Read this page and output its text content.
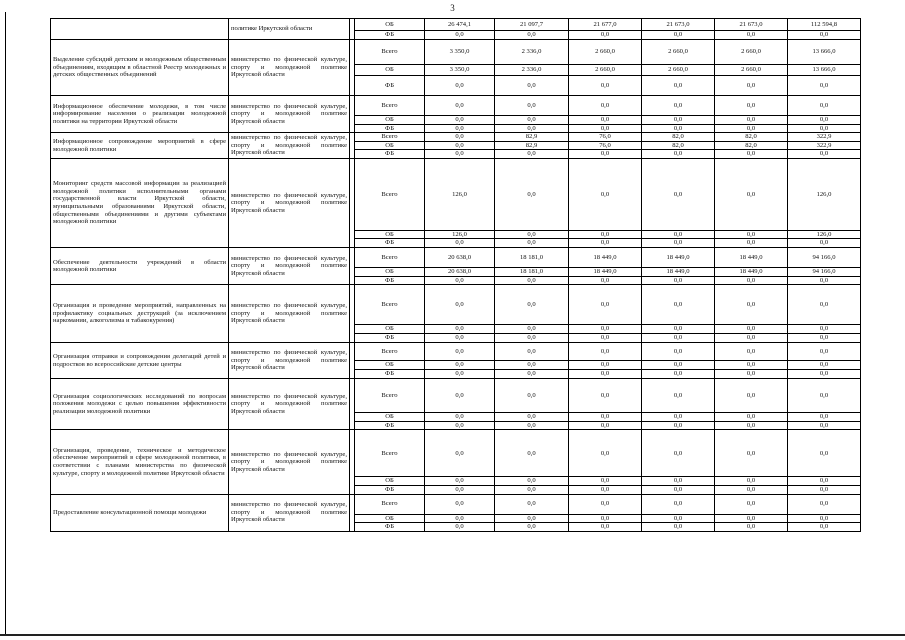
3
	политике Иркутской области		ОБ	26 474,1	21 097,7	21 677,0	21 673,0	21 673,0	112 594,8
			ФБ	0,0	0,0	0,0	0,0	0,0	0,0
Выделение субсидий детским и молодежным общественным объединениям, входящим в областной Реестр молодежных и детских общественных объединений	министерство по физической культуре, спорту и молодежной политике Иркутской области		Всего	3 350,0	2 336,0	2 660,0	2 660,0	2 660,0	13 666,0
			ОБ	3 350,0	2 336,0	2 660,0	2 660,0	2 660,0	13 666,0
			ФБ	0,0	0,0	0,0	0,0	0,0	0,0
Информационное обеспечение молодежи, в том числе информирование населения о реализации молодежной политики на территории Иркутской области	министерство по физической культуре, спорту и молодежной политике Иркутской области		Всего	0,0	0,0	0,0	0,0	0,0	0,0
			ОБ	0,0	0,0	0,0	0,0	0,0	0,0
			ФБ	0,0	0,0	0,0	0,0	0,0	0,0
Информационное сопровождение мероприятий в сфере молодежной политики	министерство по физической культуре, спорту и молодежной политике Иркутской области		Всего	0,0	82,9	76,0	82,0	82,0	322,9
			ОБ	0,0	82,9	76,0	82,0	82,0	322,9
			ФБ	0,0	0,0	0,0	0,0	0,0	0,0
Мониторинг средств массовой информации за реализацией молодежной политики исполнительными органами государственной власти Иркутской области, муниципальными образованиями Иркутской области, общественными объединениями и другими субъектами молодежной политики	министерство по физической культуре, спорту и молодежной политике Иркутской области		Всего	126,0	0,0	0,0	0,0	0,0	126,0
			ОБ	126,0	0,0	0,0	0,0	0,0	126,0
			ФБ	0,0	0,0	0,0	0,0	0,0	0,0
Обеспечение деятельности учреждений в области молодежной политики	министерство по физической культуре, спорту и молодежной политике Иркутской области		Всего	20 638,0	18 181,0	18 449,0	18 449,0	18 449,0	94 166,0
			ОБ	20 638,0	18 181,0	18 449,0	18 449,0	18 449,0	94 166,0
			ФБ	0,0	0,0	0,0	0,0	0,0	0,0
Организация и проведение мероприятий, направленных на профилактику социальных деструкций (за исключением наркомании, алкоголизма и табакокурения)	министерство по физической культуре, спорту и молодежной политике Иркутской области		Всего	0,0	0,0	0,0	0,0	0,0	0,0
			ОБ	0,0	0,0	0,0	0,0	0,0	0,0
			ФБ	0,0	0,0	0,0	0,0	0,0	0,0
Организация отправки и сопровождения делегаций детей и подростков во всероссийские детские центры	министерство по физической культуре, спорту и молодежной политике Иркутской области		Всего	0,0	0,0	0,0	0,0	0,0	0,0
			ОБ	0,0	0,0	0,0	0,0	0,0	0,0
			ФБ	0,0	0,0	0,0	0,0	0,0	0,0
Организация социологических исследований по вопросам положения молодежи с целью повышения эффективности реализации молодежной политики	министерство по физической культуре, спорту и молодежной политике Иркутской области		Всего	0,0	0,0	0,0	0,0	0,0	0,0
			ОБ	0,0	0,0	0,0	0,0	0,0	0,0
			ФБ	0,0	0,0	0,0	0,0	0,0	0,0
Организация, проведение, техническое и методическое обеспечение мероприятий в сфере молодежной политики, в соответствии с планами министерства по физической культуре, спорту и молодежной политике Иркутской области	министерство по физической культуре, спорту и молодежной политике Иркутской области		Всего	0,0	0,0	0,0	0,0	0,0	0,0
			ОБ	0,0	0,0	0,0	0,0	0,0	0,0
			ФБ	0,0	0,0	0,0	0,0	0,0	0,0
Предоставление консультационной помощи молодежи	министерство по физической культуре, спорту и молодежной политике Иркутской области		Всего	0,0	0,0	0,0	0,0	0,0	0,0
			ОБ	0,0	0,0	0,0	0,0	0,0	0,0
			ФБ	0,0	0,0	0,0	0,0	0,0	0,0
